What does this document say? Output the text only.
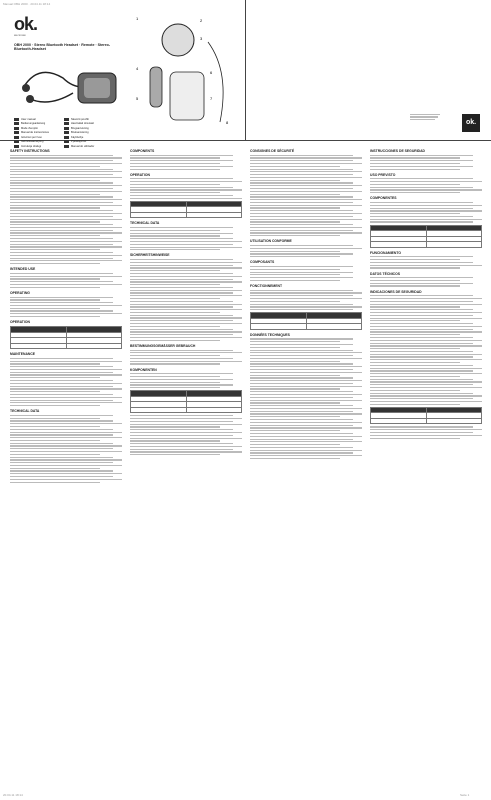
Manual OBH 2000 · 20.04.11 18:14
20.04.11 18:14	Seite 1
ok.
we know
OBH 2000 · Stereo Bluetooth Headset · Remote · Stereo-Bluetooth-Headset
User manual
Bedienungsanleitung
Mode d'emploi
Manual de instrucciones
Istruzioni per l'uso
Gebruiksaanwijzing
Instrukcja obsługi
Návod k použití
Használati útmutató
Brugsanvisning
Bruksanvisning
Käyttöohje
Руководство
Manual do utilizador
1	2
3
4
5
6
7
8	ok.
SAFETY INSTRUCTIONS
INTENDED USE
OPERATING
OPERATION

MAINTENANCE
TECHNICAL DATA
COMPONENTS
OPERATION

TECHNICAL DATA
SICHERHEITSHINWEISE
BESTIMMUNGSGEMÄSSER GEBRAUCH
KOMPONENTEN

CONSIGNES DE SÉCURITÉ
UTILISATION CONFORME
COMPOSANTS
FONCTIONNEMENT

DONNÉES TECHNIQUES
INSTRUCCIONES DE SEGURIDAD
USO PREVISTO
COMPONENTES

FUNCIONAMIENTO
DATOS TÉCNICOS
INDICACIONES DE SEGURIDAD
